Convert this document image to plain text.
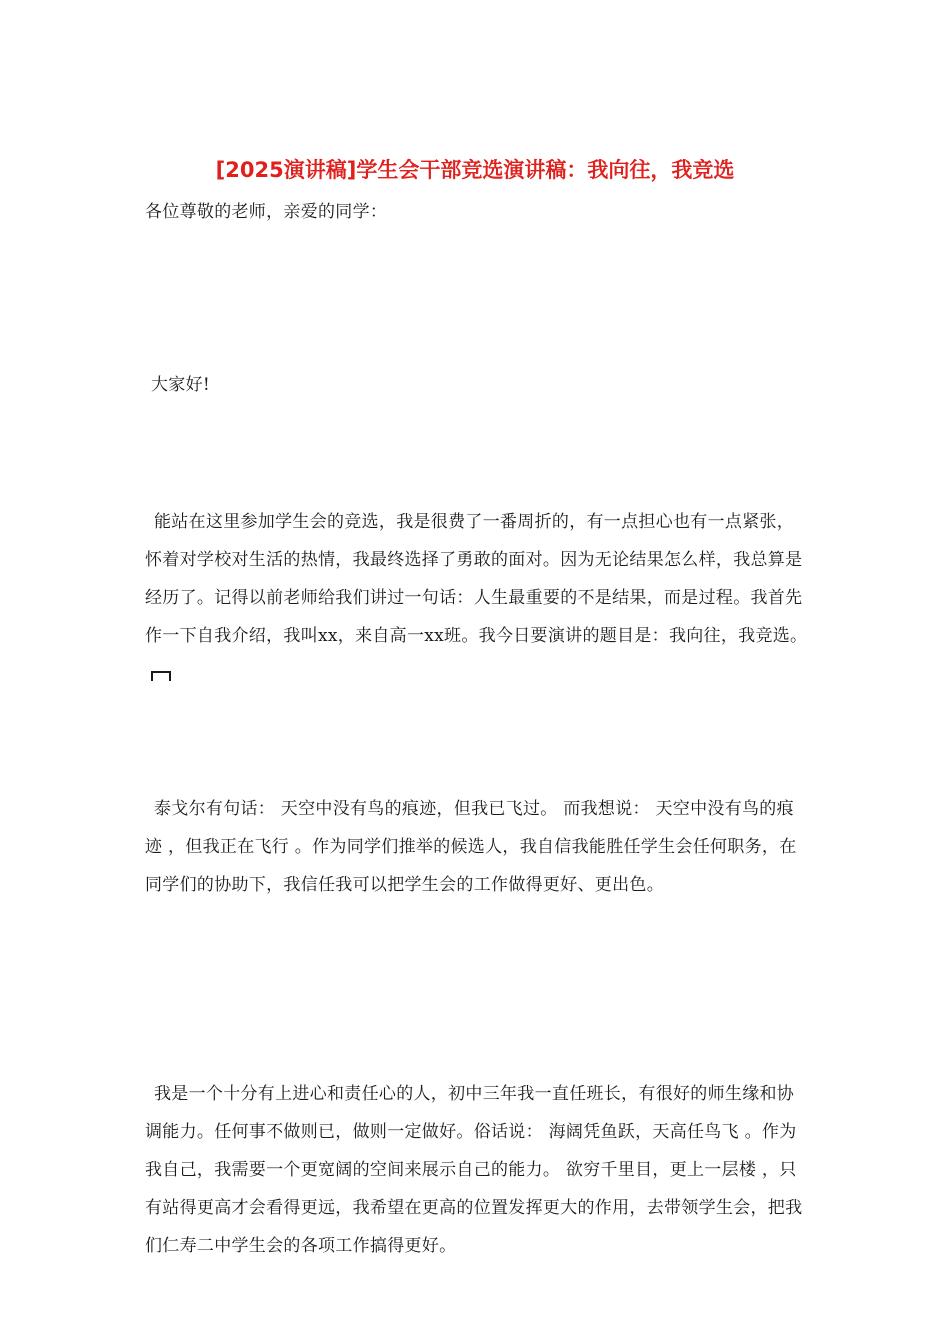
[2025演讲稿]学生会干部竞选演讲稿：我向往，我竞选

各位尊敬的老师，亲爱的同学：

大家好!

能站在这里参加学生会的竞选，我是很费了一番周折的，有一点担心也有一点紧张，怀着对学校对生活的热情，我最终选择了勇敢的面对。因为无论结果怎么样，我总算是经历了。记得以前老师给我们讲过一句话：人生最重要的不是结果，而是过程。我首先作一下自我介绍，我叫xx，来自高一xx班。我今日要演讲的题目是：我向往，我竞选。

泰戈尔有句话： 天空中没有鸟的痕迹，但我已飞过。 而我想说： 天空中没有鸟的痕迹 ，但我正在飞行 。作为同学们推举的候选人，我自信我能胜任学生会任何职务，在同学们的协助下，我信任我可以把学生会的工作做得更好、更出色。

我是一个十分有上进心和责任心的人，初中三年我一直任班长，有很好的师生缘和协调能力。任何事不做则已，做则一定做好。俗话说： 海阔凭鱼跃，天高任鸟飞 。作为我自己，我需要一个更宽阔的空间来展示自己的能力。 欲穷千里目，更上一层楼 ，只有站得更高才会看得更远，我希望在更高的位置发挥更大的作用，去带领学生会，把我们仁寿二中学生会的各项工作搞得更好。
